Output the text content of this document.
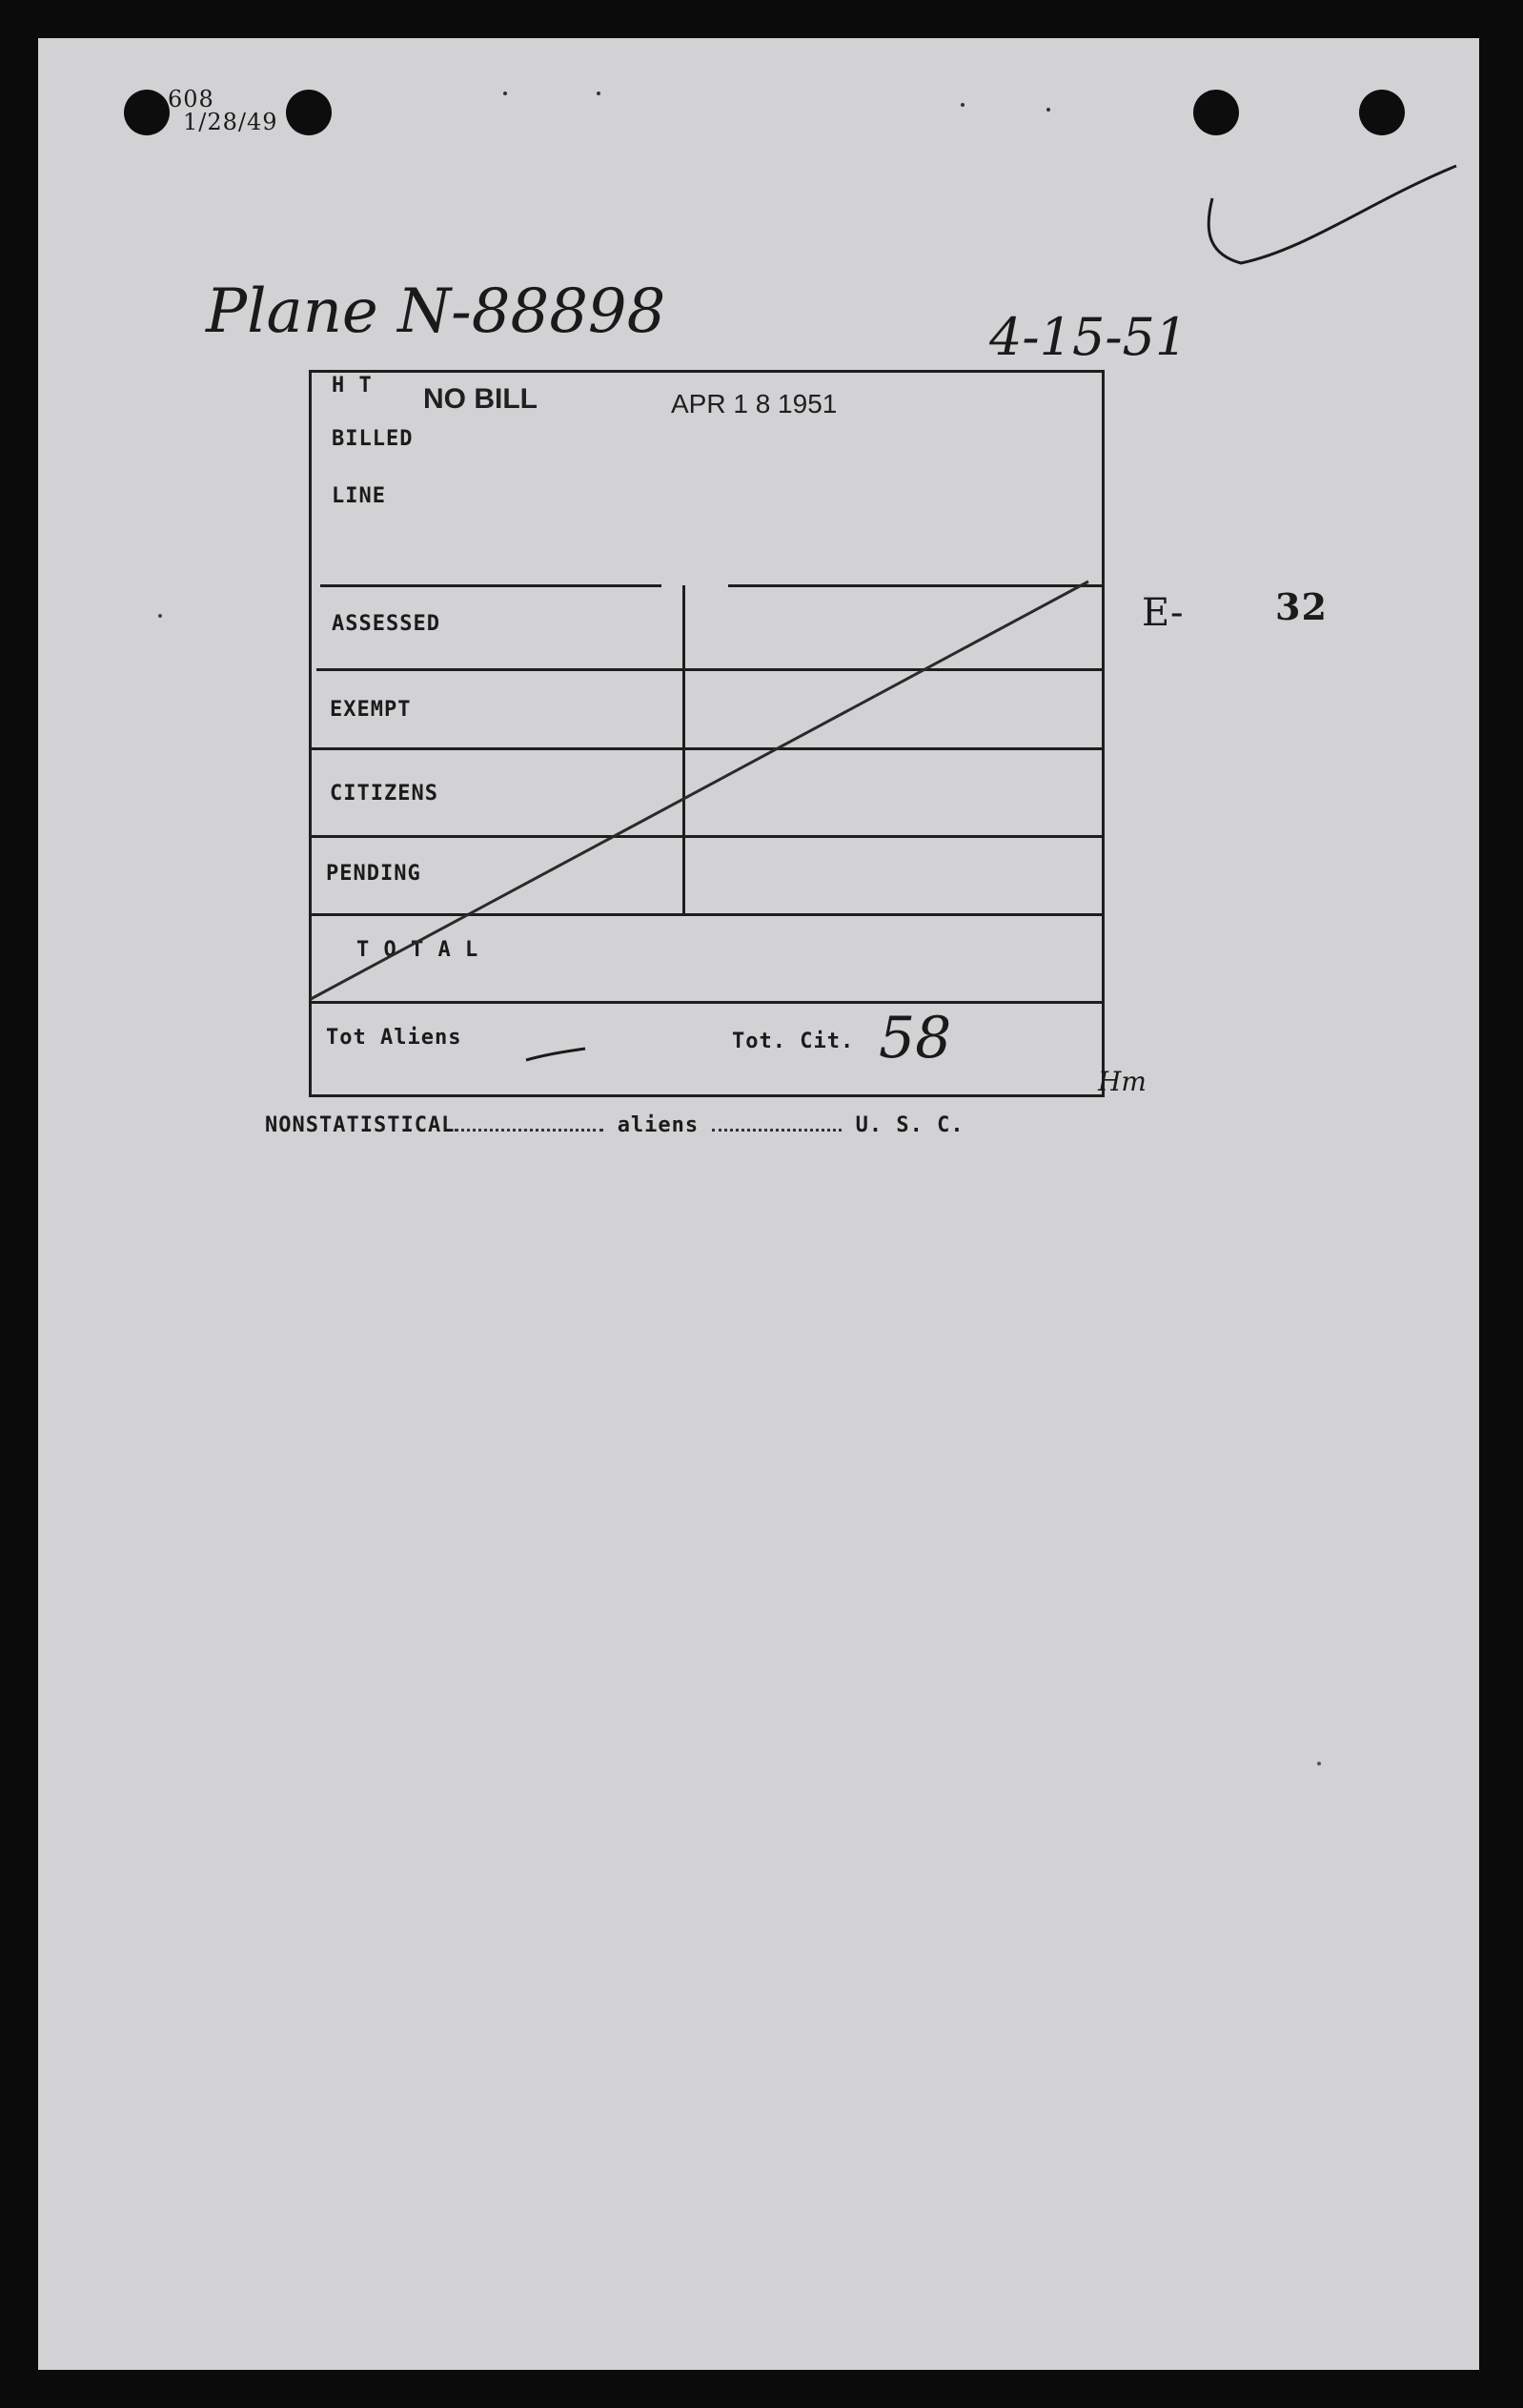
608
1/28/49
Plane N-88898	4-15-51
NO BILL	APR 1 8 1951
H T
BILLED
LINE
ASSESSED
EXEMPT
CITIZENS
PENDING
T O T A L
Tot Aliens	Tot. Cit. 58
Hm
E-	32
NONSTATISTICAL	aliens	U. S. C.
